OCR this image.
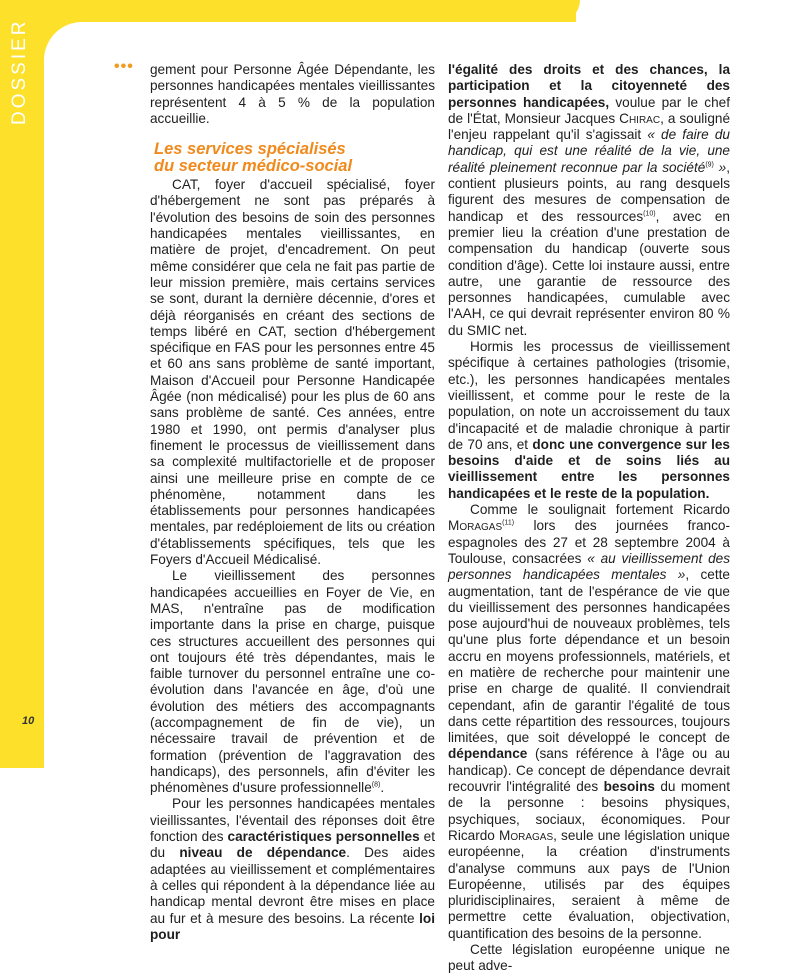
DOSSIER
10
••• gement pour Personne Âgée Dépendante, les personnes handicapées mentales vieillissantes représentent 4 à 5 % de la population accueillie.

Les services spécialisés
du secteur médico-social

CAT, foyer d'accueil spécialisé, foyer d'hébergement ne sont pas préparés à l'évolution des besoins de soin des personnes handicapées mentales vieillissantes, en matière de projet, d'encadrement. On peut même considérer que cela ne fait pas partie de leur mission première, mais certains services se sont, durant la dernière décennie, d'ores et déjà réorganisés en créant des sections de temps libéré en CAT, section d'hébergement spécifique en FAS pour les personnes entre 45 et 60 ans sans problème de santé important, Maison d'Accueil pour Personne Handicapée Âgée (non médicalisé) pour les plus de 60 ans sans problème de santé. Ces années, entre 1980 et 1990, ont permis d'analyser plus finement le processus de vieillissement dans sa complexité multifactorielle et de proposer ainsi une meilleure prise en compte de ce phénomène, notamment dans les établissements pour personnes handicapées mentales, par redéploiement de lits ou création d'établissements spécifiques, tels que les Foyers d'Accueil Médicalisé.

Le vieillissement des personnes handicapées accueillies en Foyer de Vie, en MAS, n'entraîne pas de modification importante dans la prise en charge, puisque ces structures accueillent des personnes qui ont toujours été très dépendantes, mais le faible turnover du personnel entraîne une co-évolution dans l'avancée en âge, d'où une évolution des métiers des accompagnants (accompagnement de fin de vie), un nécessaire travail de prévention et de formation (prévention de l'aggravation des handicaps), des personnels, afin d'éviter les phénomènes d'usure professionnelle$^{(8)}$.

Pour les personnes handicapées mentales vieillissantes, l'éventail des réponses doit être fonction des caractéristiques personnelles et du niveau de dépendance. Des aides adaptées au vieillissement et complémentaires à celles qui répondent à la dépendance liée au handicap mental devront être mises en place au fur et à mesure des besoins. La récente loi pour

l'égalité des droits et des chances, la participation et la citoyenneté des personnes handicapées, voulue par le chef de l'État, Monsieur Jacques Chirac, a souligné l'enjeu rappelant qu'il s'agissait « de faire du handicap, qui est une réalité de la vie, une réalité pleinement reconnue par la société$^{(9)}$ », contient plusieurs points, au rang desquels figurent des mesures de compensation de handicap et des ressources$^{(10)}$, avec en premier lieu la création d'une prestation de compensation du handicap (ouverte sous condition d'âge). Cette loi instaure aussi, entre autre, une garantie de ressource des personnes handicapées, cumulable avec l'AAH, ce qui devrait représenter environ 80 % du SMIC net.

Hormis les processus de vieillissement spécifique à certaines pathologies (trisomie, etc.), les personnes handicapées mentales vieillissent, et comme pour le reste de la population, on note un accroissement du taux d'incapacité et de maladie chronique à partir de 70 ans, et donc une convergence sur les besoins d'aide et de soins liés au vieillissement entre les personnes handicapées et le reste de la population.

Comme le soulignait fortement Ricardo Moragas$^{(11)}$ lors des journées franco-espagnoles des 27 et 28 septembre 2004 à Toulouse, consacrées « au vieillissement des personnes handicapées mentales », cette augmentation, tant de l'espérance de vie que du vieillissement des personnes handicapées pose aujourd'hui de nouveaux problèmes, tels qu'une plus forte dépendance et un besoin accru en moyens professionnels, matériels, et en matière de recherche pour maintenir une prise en charge de qualité. Il conviendrait cependant, afin de garantir l'égalité de tous dans cette répartition des ressources, toujours limitées, que soit développé le concept de dépendance (sans référence à l'âge ou au handicap). Ce concept de dépendance devrait recouvrir l'intégralité des besoins du moment de la personne : besoins physiques, psychiques, sociaux, économiques. Pour Ricardo Moragas, seule une législation unique européenne, la création d'instruments d'analyse communs aux pays de l'Union Européenne, utilisés par des équipes pluridisciplinaires, seraient à même de permettre cette évaluation, objectivation, quantification des besoins de la personne.

Cette législation européenne unique ne peut adve-
